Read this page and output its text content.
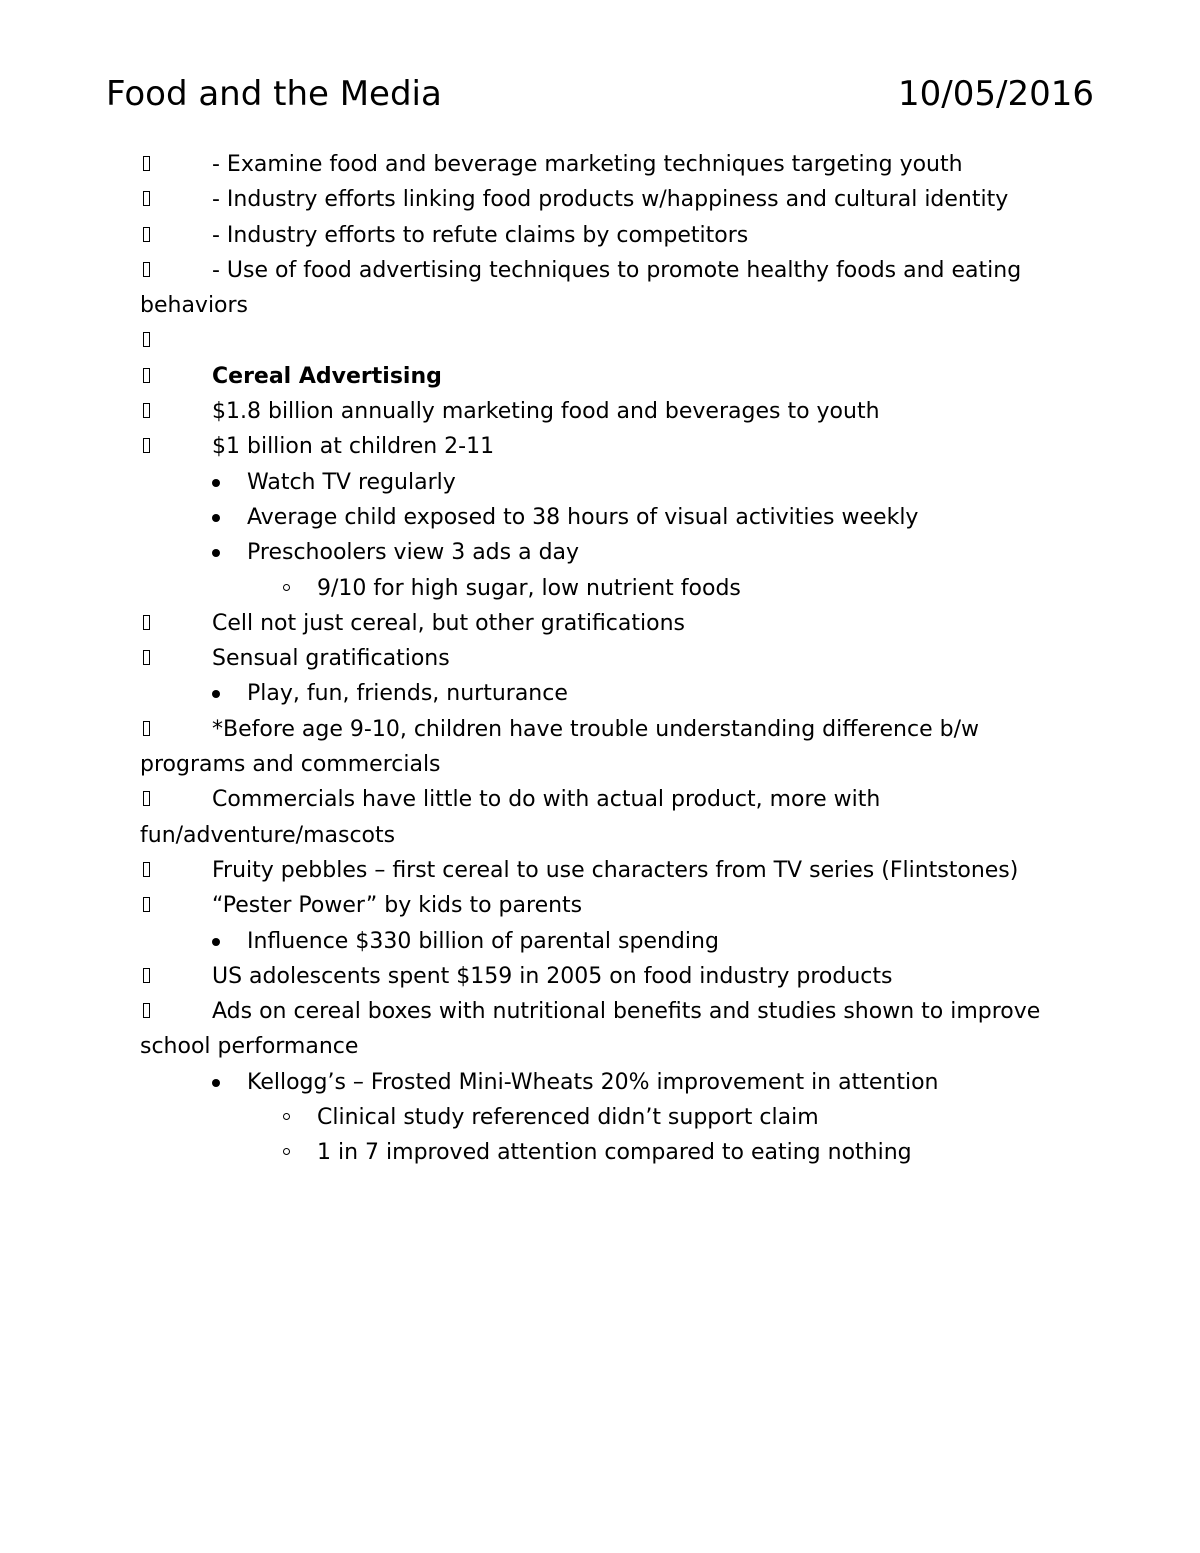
Food and the Media	10/05/2016
- Examine food and beverage marketing techniques targeting youth
- Industry efforts linking food products w/happiness and cultural identity
- Industry efforts to refute claims by competitors
- Use of food advertising techniques to promote healthy foods and eating behaviors
Cereal Advertising
$1.8 billion annually marketing food and beverages to youth
$1 billion at children 2-11
Watch TV regularly
Average child exposed to 38 hours of visual activities weekly
Preschoolers view 3 ads a day
9/10 for high sugar, low nutrient foods
Cell not just cereal, but other gratifications
Sensual gratifications
Play, fun, friends, nurturance
*Before age 9-10, children have trouble understanding difference b/w programs and commercials
Commercials have little to do with actual product, more with fun/adventure/mascots
Fruity pebbles – first cereal to use characters from TV series (Flintstones)
“Pester Power” by kids to parents
Influence $330 billion of parental spending
US adolescents spent $159 in 2005 on food industry products
Ads on cereal boxes with nutritional benefits and studies shown to improve school performance
Kellogg’s – Frosted Mini-Wheats 20% improvement in attention
Clinical study referenced didn’t support claim
1 in 7 improved attention compared to eating nothing
